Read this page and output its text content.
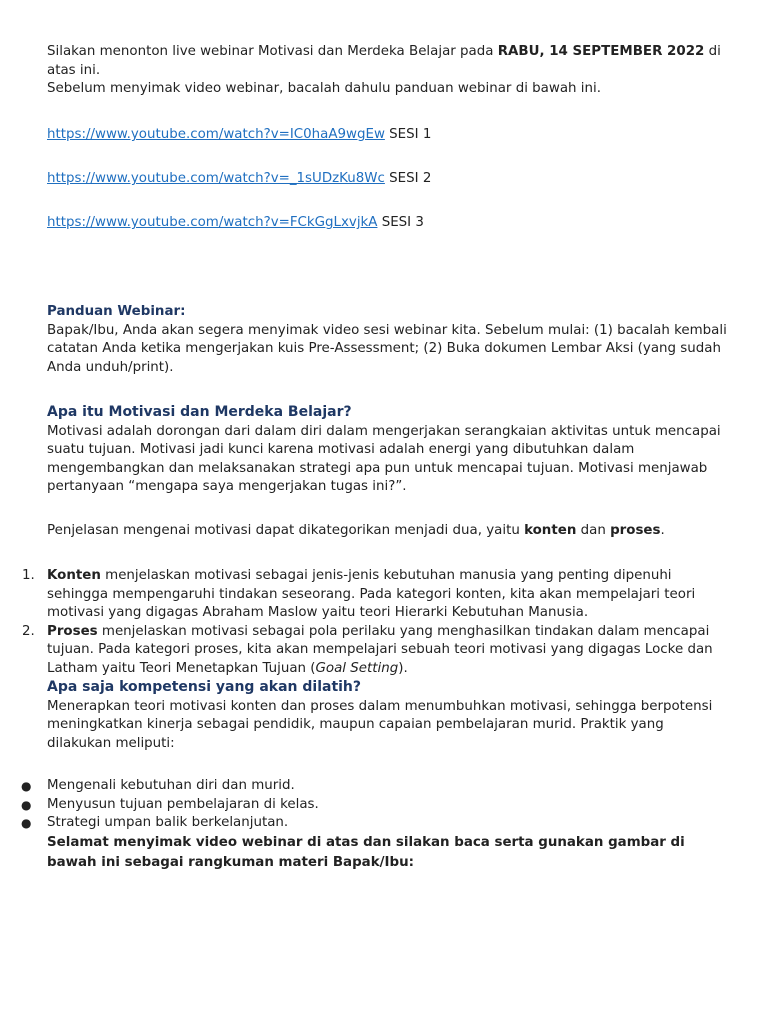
Silakan menonton live webinar Motivasi dan Merdeka Belajar pada RABU, 14 SEPTEMBER 2022 di atas ini.
Sebelum menyimak video webinar, bacalah dahulu panduan webinar di bawah ini.
https://www.youtube.com/watch?v=IC0haA9wgEw SESI 1
https://www.youtube.com/watch?v=_1sUDzKu8Wc SESI 2
https://www.youtube.com/watch?v=FCkGgLxvjkA SESI 3
Panduan Webinar:
Bapak/Ibu, Anda akan segera menyimak video sesi webinar kita. Sebelum mulai: (1) bacalah kembali catatan Anda ketika mengerjakan kuis Pre-Assessment; (2) Buka dokumen Lembar Aksi (yang sudah Anda unduh/print).
Apa itu Motivasi dan Merdeka Belajar?
Motivasi adalah dorongan dari dalam diri dalam mengerjakan serangkaian aktivitas untuk mencapai suatu tujuan. Motivasi jadi kunci karena motivasi adalah energi yang dibutuhkan dalam mengembangkan dan melaksanakan strategi apa pun untuk mencapai tujuan. Motivasi menjawab pertanyaan “mengapa saya mengerjakan tugas ini?”.
Penjelasan mengenai motivasi dapat dikategorikan menjadi dua, yaitu konten dan proses.
1. Konten menjelaskan motivasi sebagai jenis-jenis kebutuhan manusia yang penting dipenuhi sehingga mempengaruhi tindakan seseorang. Pada kategori konten, kita akan mempelajari teori motivasi yang digagas Abraham Maslow yaitu teori Hierarki Kebutuhan Manusia.
2. Proses menjelaskan motivasi sebagai pola perilaku yang menghasilkan tindakan dalam mencapai tujuan. Pada kategori proses, kita akan mempelajari sebuah teori motivasi yang digagas Locke dan Latham yaitu Teori Menetapkan Tujuan (Goal Setting).
Apa saja kompetensi yang akan dilatih?
Menerapkan teori motivasi konten dan proses dalam menumbuhkan motivasi, sehingga berpotensi meningkatkan kinerja sebagai pendidik, maupun capaian pembelajaran murid. Praktik yang dilakukan meliputi:
● Mengenali kebutuhan diri dan murid.
● Menyusun tujuan pembelajaran di kelas.
● Strategi umpan balik berkelanjutan.
Selamat menyimak video webinar di atas dan silakan baca serta gunakan gambar di bawah ini sebagai rangkuman materi Bapak/Ibu:
